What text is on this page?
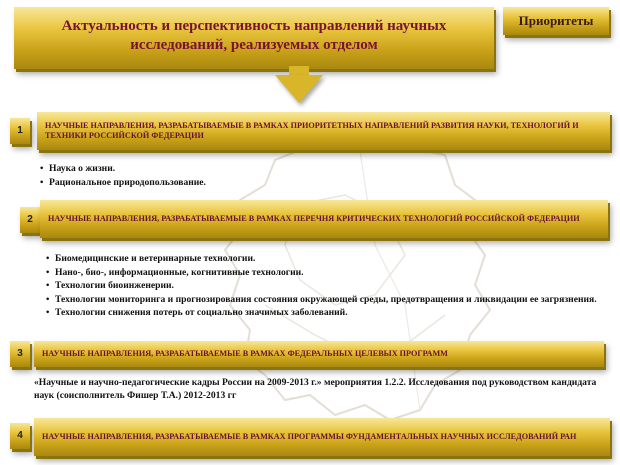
Актуальность и перспективность направлений научных исследований, реализуемых отделом
Приоритеты
1	НАУЧНЫЕ НАПРАВЛЕНИЯ, РАЗРАБАТЫВАЕМЫЕ В РАМКАХ ПРИОРИТЕТНЫХ НАПРАВЛЕНИЙ РАЗВИТИЯ НАУКИ, ТЕХНОЛОГИЙ И ТЕХНИКИ РОССИЙСКОЙ ФЕДЕРАЦИИ
• Наука о жизни.
• Рациональное природопользование.
2	НАУЧНЫЕ НАПРАВЛЕНИЯ, РАЗРАБАТЫВАЕМЫЕ В РАМКАХ ПЕРЕЧНЯ КРИТИЧЕСКИХ ТЕХНОЛОГИЙ РОССИЙСКОЙ ФЕДЕРАЦИИ
• Биомедицинские и ветеринарные технологии.
• Нано-, био-, информационные, когнитивные технологии.
• Технологии биоинженерии.
• Технологии мониторинга и прогнозирования состояния окружающей среды, предотвращения и ликвидации ее загрязнения.
• Технологии снижения потерь от социально значимых заболеваний.
3	НАУЧНЫЕ НАПРАВЛЕНИЯ, РАЗРАБАТЫВАЕМЫЕ В РАМКАХ ФЕДЕРАЛЬНЫХ ЦЕЛЕВЫХ ПРОГРАММ
«Научные и научно-педагогические кадры России на 2009-2013 г.» мероприятия 1.2.2. Исследования под руководством кандидата наук (соисполнитель Фишер Т.А.) 2012-2013 гг
4	НАУЧНЫЕ НАПРАВЛЕНИЯ, РАЗРАБАТЫВАЕМЫЕ В РАМКАХ ПРОГРАММЫ ФУНДАМЕНТАЛЬНЫХ НАУЧНЫХ ИССЛЕДОВАНИЙ РАН
